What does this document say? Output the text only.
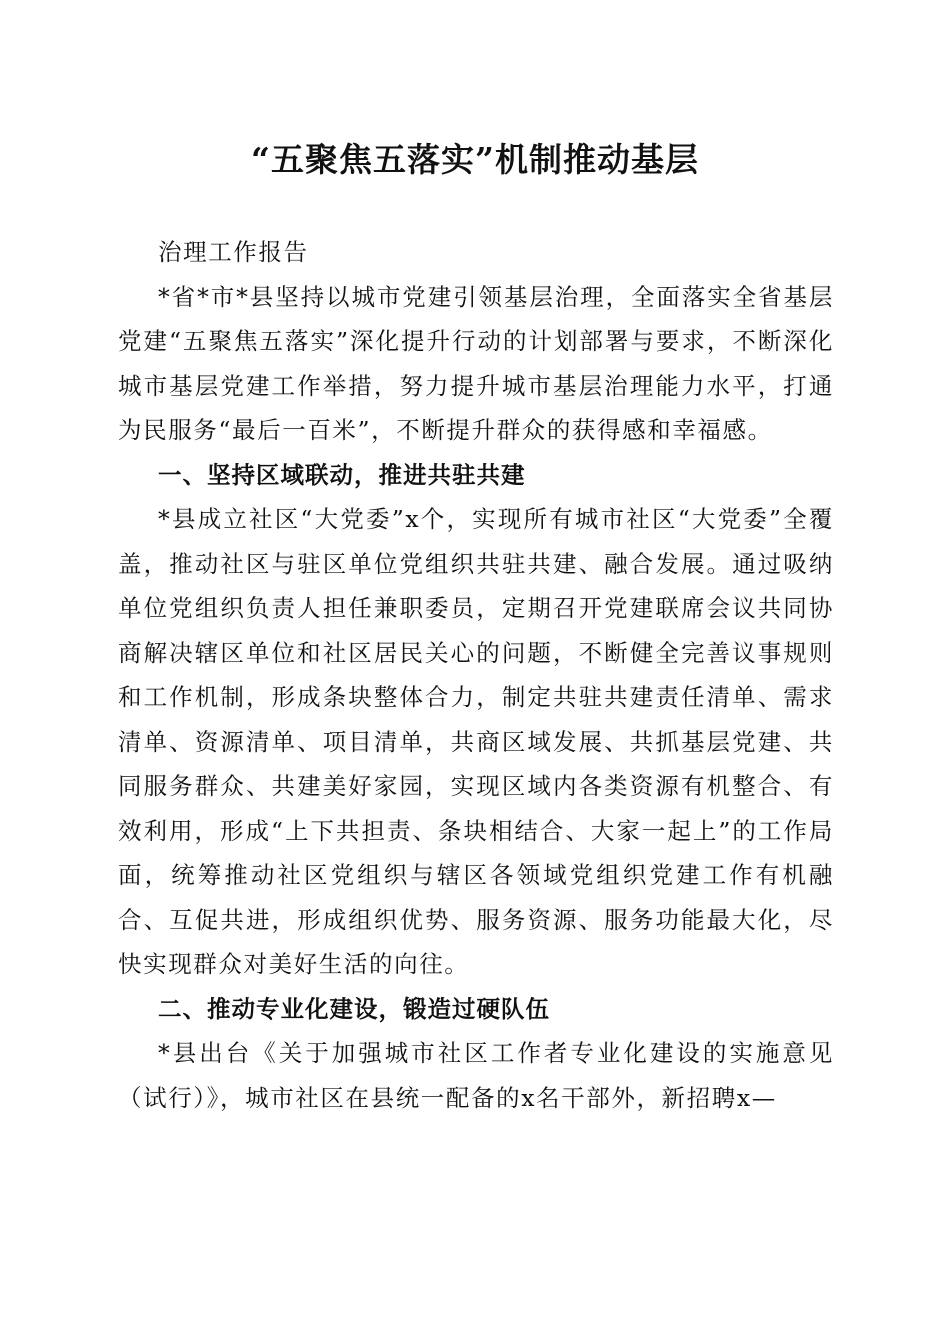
“五聚焦五落实”机制推动基层

治理工作报告

*省*市*县坚持以城市党建引领基层治理，全面落实全省基层党建“五聚焦五落实”深化提升行动的计划部署与要求，不断深化城市基层党建工作举措，努力提升城市基层治理能力水平，打通为民服务“最后一百米”，不断提升群众的获得感和幸福感。

一、坚持区域联动，推进共驻共建

*县成立社区“大党委”x个，实现所有城市社区“大党委”全覆盖，推动社区与驻区单位党组织共驻共建、融合发展。通过吸纳单位党组织负责人担任兼职委员，定期召开党建联席会议共同协商解决辖区单位和社区居民关心的问题，不断健全完善议事规则和工作机制，形成条块整体合力，制定共驻共建责任清单、需求清单、资源清单、项目清单，共商区域发展、共抓基层党建、共同服务群众、共建美好家园，实现区域内各类资源有机整合、有效利用，形成“上下共担责、条块相结合、大家一起上”的工作局面，统筹推动社区党组织与辖区各领域党组织党建工作有机融合、互促共进，形成组织优势、服务资源、服务功能最大化，尽快实现群众对美好生活的向往。

二、推动专业化建设，锻造过硬队伍

*县出台《关于加强城市社区工作者专业化建设的实施意见（试行）》，城市社区在县统一配备的x名干部外，新招聘x—
